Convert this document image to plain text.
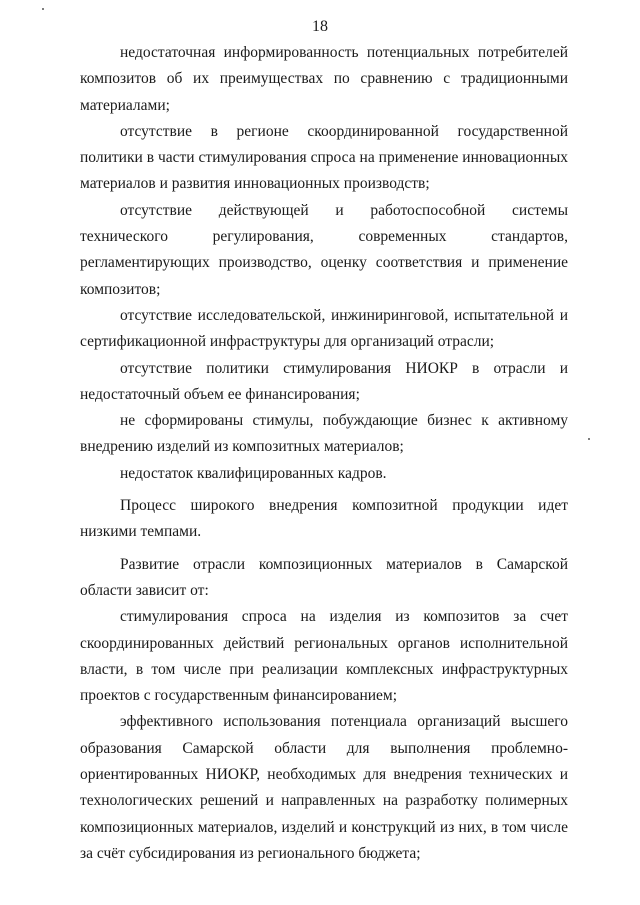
18

недостаточная информированность потенциальных потребителей композитов об их преимуществах по сравнению с традиционными материалами;

отсутствие в регионе скоординированной государственной политики в части стимулирования спроса на применение инновационных материалов и развития инновационных производств;

отсутствие действующей и работоспособной системы технического регулирования, современных стандартов, регламентирующих производство, оценку соответствия и применение композитов;

отсутствие исследовательской, инжиниринговой, испытательной и сертификационной инфраструктуры для организаций отрасли;

отсутствие политики стимулирования НИОКР в отрасли и недостаточный объем ее финансирования;

не сформированы стимулы, побуждающие бизнес к активному внедрению изделий из композитных материалов;

недостаток квалифицированных кадров.

Процесс широкого внедрения композитной продукции идет низкими темпами.

Развитие отрасли композиционных материалов в Самарской области зависит от:

стимулирования спроса на изделия из композитов за счет скоординированных действий региональных органов исполнительной власти, в том числе при реализации комплексных инфраструктурных проектов с государственным финансированием;

эффективного использования потенциала организаций высшего образования Самарской области для выполнения проблемно-ориентированных НИОКР, необходимых для внедрения технических и технологических решений и направленных на разработку полимерных композиционных материалов, изделий и конструкций из них, в том числе за счёт субсидирования из регионального бюджета;
